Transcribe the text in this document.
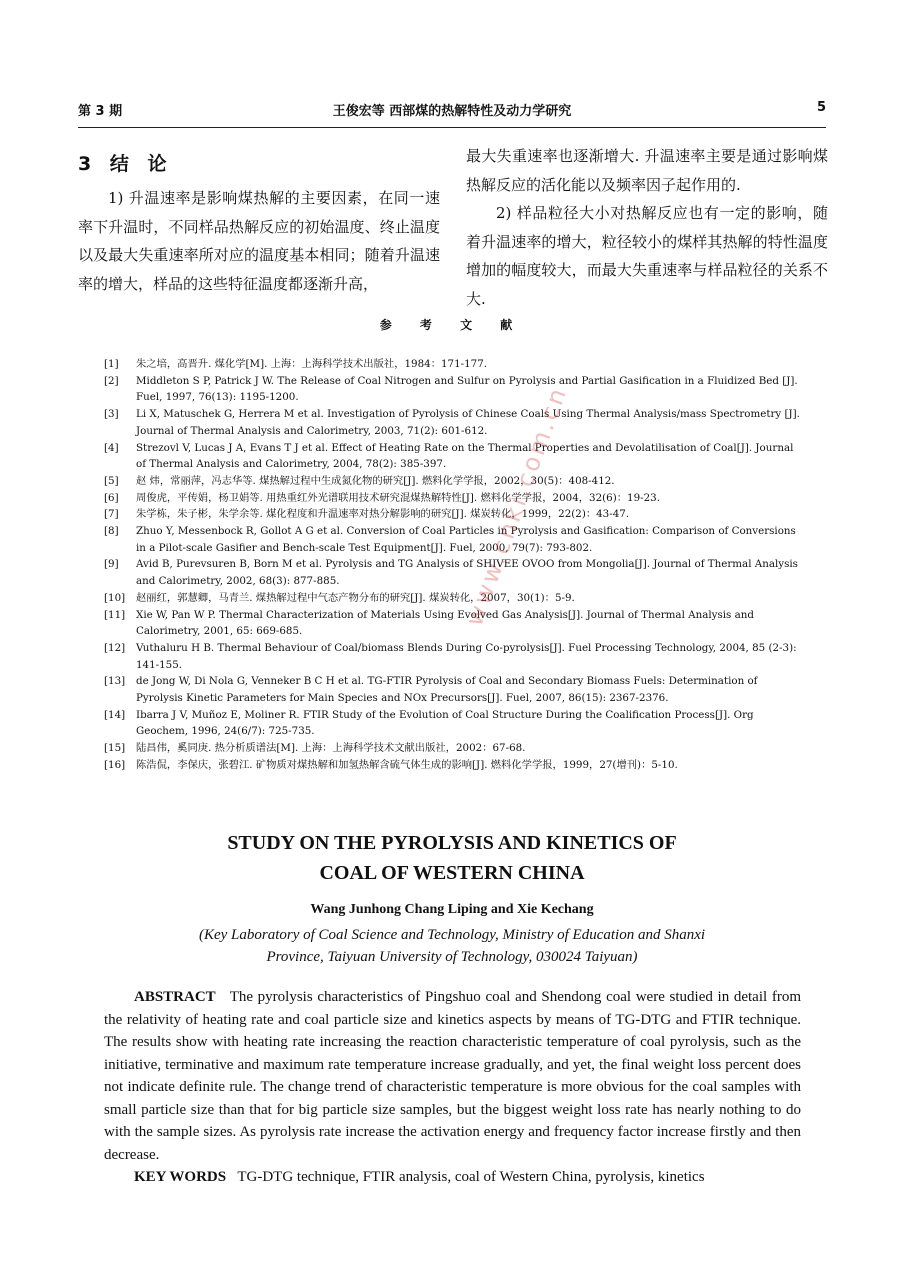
第 3 期	王俊宏等 西部煤的热解特性及动力学研究	5
3 结 论

1) 升温速率是影响煤热解的主要因素，在同一速率下升温时，不同样品热解反应的初始温度、终止温度以及最大失重速率所对应的温度基本相同；随着升温速率的增大，样品的这些特征温度都逐渐升高，

最大失重速率也逐渐增大. 升温速率主要是通过影响煤热解反应的活化能以及频率因子起作用的.

2) 样品粒径大小对热解反应也有一定的影响，随着升温速率的增大，粒径较小的煤样其热解的特性温度增加的幅度较大，而最大失重速率与样品粒径的关系不大.

参 考 文 献

[1] 朱之培，高晋升. 煤化学[M]. 上海：上海科学技术出版社，1984：171-177.

[2] Middleton S P, Patrick J W. The Release of Coal Nitrogen and Sulfur on Pyrolysis and Partial Gasification in a Fluidized Bed [J]. Fuel, 1997, 76(13): 1195-1200.

[3] Li X, Matuschek G, Herrera M et al. Investigation of Pyrolysis of Chinese Coals Using Thermal Analysis/mass Spectrometry [J]. Journal of Thermal Analysis and Calorimetry, 2003, 71(2): 601-612.

[4] Strezovl V, Lucas J A, Evans T J et al. Effect of Heating Rate on the Thermal Properties and Devolatilisation of Coal[J]. Journal of Thermal Analysis and Calorimetry, 2004, 78(2): 385-397.

[5] 赵 炜，常丽萍，冯志华等. 煤热解过程中生成氮化物的研究[J]. 燃料化学学报，2002，30(5)：408-412.

[6] 周俊虎，平传娟，杨卫娟等. 用热重红外光谱联用技术研究混煤热解特性[J]. 燃料化学学报，2004，32(6)：19-23.

[7] 朱学栋，朱子彬，朱学余等. 煤化程度和升温速率对热分解影响的研究[J]. 煤炭转化，1999，22(2)：43-47.

[8] Zhuo Y, Messenbock R, Gollot A G et al. Conversion of Coal Particles in Pyrolysis and Gasification: Comparison of Conversions in a Pilot-scale Gasifier and Bench-scale Test Equipment[J]. Fuel, 2000, 79(7): 793-802.

[9] Avid B, Purevsuren B, Born M et al. Pyrolysis and TG Analysis of SHIVEE OVOO from Mongolia[J]. Journal of Thermal Analysis and Calorimetry, 2002, 68(3): 877-885.

[10] 赵丽红，郭慧卿，马青兰. 煤热解过程中气态产物分布的研究[J]. 煤炭转化，2007，30(1)：5-9.

[11] Xie W, Pan W P. Thermal Characterization of Materials Using Evolved Gas Analysis[J]. Journal of Thermal Analysis and Calorimetry, 2001, 65: 669-685.

[12] Vuthaluru H B. Thermal Behaviour of Coal/biomass Blends During Co-pyrolysis[J]. Fuel Processing Technology, 2004, 85 (2-3): 141-155.

[13] de Jong W, Di Nola G, Venneker B C H et al. TG-FTIR Pyrolysis of Coal and Secondary Biomass Fuels: Determination of Pyrolysis Kinetic Parameters for Main Species and NOx Precursors[J]. Fuel, 2007, 86(15): 2367-2376.

[14] Ibarra J V, Muñoz E, Moliner R. FTIR Study of the Evolution of Coal Structure During the Coalification Process[J]. Org Geochem, 1996, 24(6/7): 725-735.

[15] 陆昌伟，奚同庚. 热分析质谱法[M]. 上海：上海科学技术文献出版社，2002：67-68.

[16] 陈浩侃，李保庆，张碧江. 矿物质对煤热解和加氢热解含硫气体生成的影响[J]. 燃料化学学报，1999，27(增刊)：5-10.

STUDY ON THE PYROLYSIS AND KINETICS OF
COAL OF WESTERN CHINA
Wang Junhong Chang Liping and Xie Kechang
(Key Laboratory of Coal Science and Technology, Ministry of Education and Shanxi
Province, Taiyuan University of Technology, 030024 Taiyuan)

ABSTRACT The pyrolysis characteristics of Pingshuo coal and Shendong coal were studied in detail from the relativity of heating rate and coal particle size and kinetics aspects by means of TG-DTG and FTIR technique. The results show with heating rate increasing the reaction characteristic temperature of coal pyrolysis, such as the initiative, terminative and maximum rate temperature increase gradually, and yet, the final weight loss percent does not indicate definite rule. The change trend of characteristic temperature is more obvious for the coal samples with small particle size than that for big particle size samples, but the biggest weight loss rate has nearly nothing to do with the sample sizes. As pyrolysis rate increase the activation energy and frequency factor increase firstly and then decrease.

KEY WORDS TG-DTG technique, FTIR analysis, coal of Western China, pyrolysis, kinetics

www.cnki.com.cn
